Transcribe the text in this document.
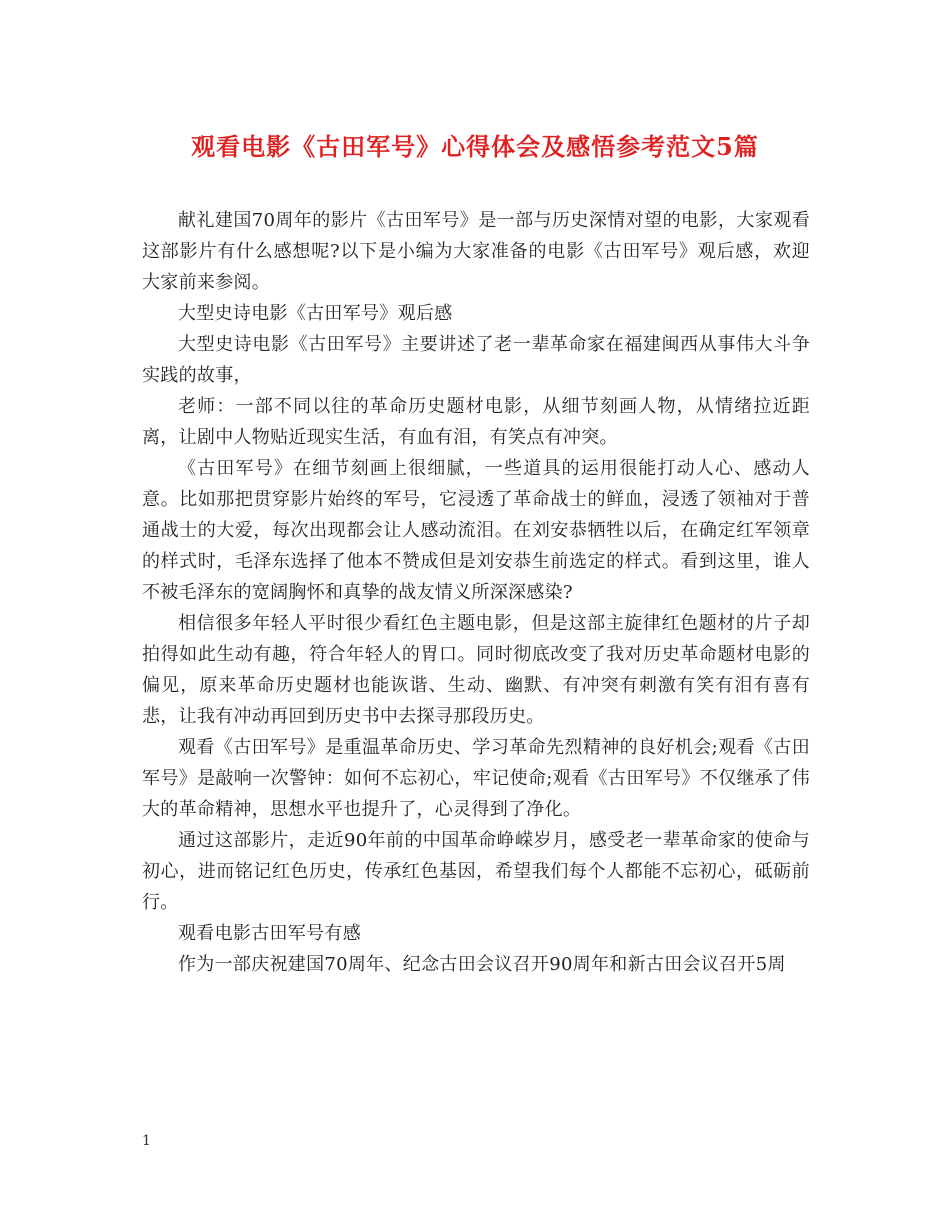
观看电影《古田军号》心得体会及感悟参考范文5篇

献礼建国70周年的影片《古田军号》是一部与历史深情对望的电影，大家观看这部影片有什么感想呢?以下是小编为大家准备的电影《古田军号》观后感，欢迎大家前来参阅。

大型史诗电影《古田军号》观后感

大型史诗电影《古田军号》主要讲述了老一辈革命家在福建闽西从事伟大斗争实践的故事，

老师：一部不同以往的革命历史题材电影，从细节刻画人物，从情绪拉近距离，让剧中人物贴近现实生活，有血有泪，有笑点有冲突。

《古田军号》在细节刻画上很细腻，一些道具的运用很能打动人心、感动人意。比如那把贯穿影片始终的军号，它浸透了革命战士的鲜血，浸透了领袖对于普通战士的大爱，每次出现都会让人感动流泪。在刘安恭牺牲以后，在确定红军领章的样式时，毛泽东选择了他本不赞成但是刘安恭生前选定的样式。看到这里，谁人不被毛泽东的宽阔胸怀和真挚的战友情义所深深感染?

相信很多年轻人平时很少看红色主题电影，但是这部主旋律红色题材的片子却拍得如此生动有趣，符合年轻人的胃口。同时彻底改变了我对历史革命题材电影的偏见，原来革命历史题材也能诙谐、生动、幽默、有冲突有刺激有笑有泪有喜有悲，让我有冲动再回到历史书中去探寻那段历史。

观看《古田军号》是重温革命历史、学习革命先烈精神的良好机会;观看《古田军号》是敲响一次警钟：如何不忘初心，牢记使命;观看《古田军号》不仅继承了伟大的革命精神，思想水平也提升了，心灵得到了净化。

通过这部影片，走近90年前的中国革命峥嵘岁月，感受老一辈革命家的使命与初心，进而铭记红色历史，传承红色基因，希望我们每个人都能不忘初心，砥砺前行。

观看电影古田军号有感

作为一部庆祝建国70周年、纪念古田会议召开90周年和新古田会议召开5周

1
